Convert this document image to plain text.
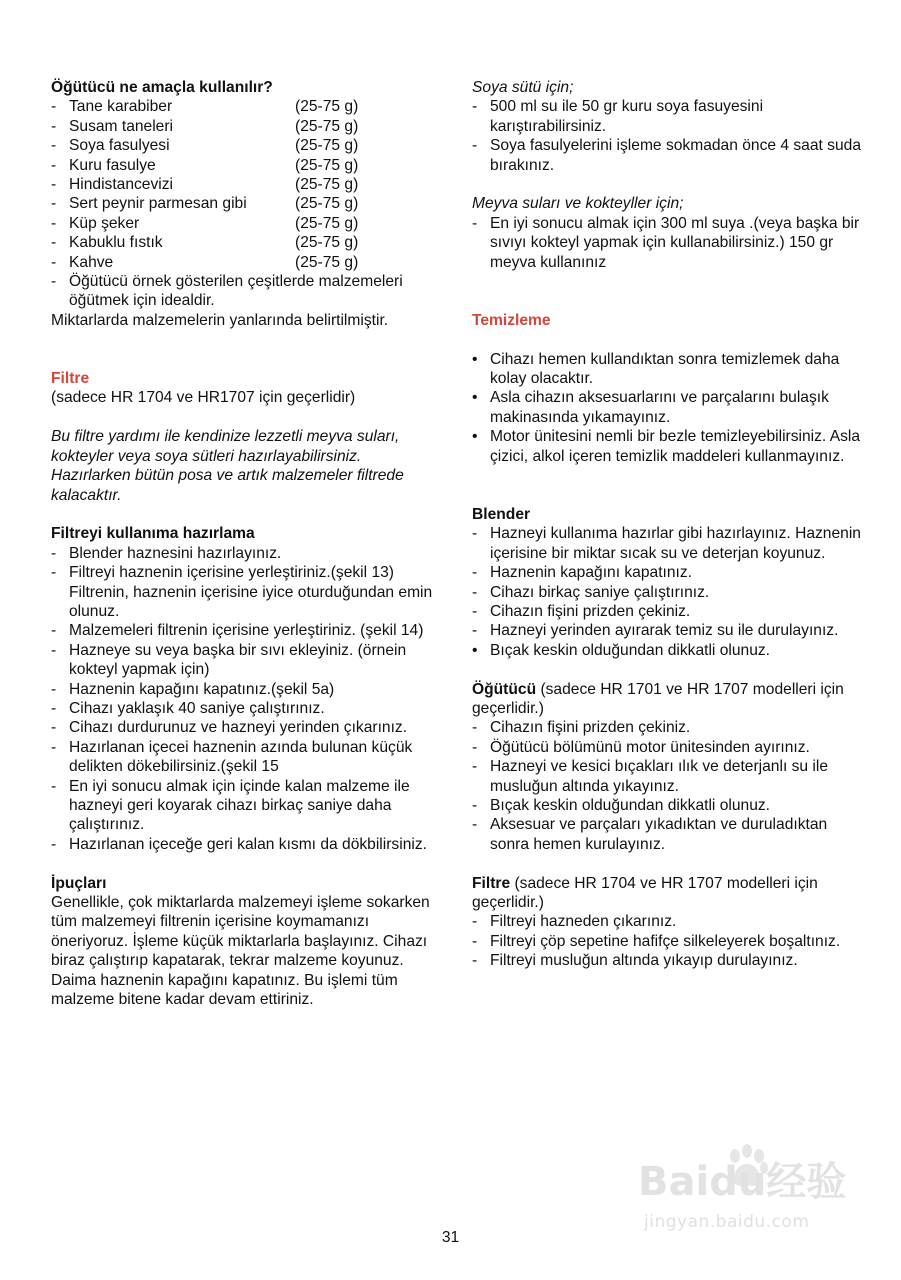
Öğütücü ne amaçla kullanılır?

- Tane karabiber	(25-75 g)
- Susam taneleri	(25-75 g)
- Soya fasulyesi	(25-75 g)
- Kuru fasulye	(25-75 g)
- Hindistancevizi	(25-75 g)
- Sert peynir parmesan gibi	(25-75 g)
- Küp şeker	(25-75 g)
- Kabuklu fıstık	(25-75 g)
- Kahve	(25-75 g)
- Öğütücü örnek gösterilen çeşitlerde malzemeleri öğütmek için idealdir.

Miktarlarda malzemelerin yanlarında belirtilmiştir.

Filtre

(sadece HR 1704 ve HR1707 için geçerlidir)

Bu filtre yardımı ile kendinize lezzetli meyva suları, kokteyler veya soya sütleri hazırlayabilirsiniz. Hazırlarken bütün posa ve artık malzemeler filtrede kalacaktır.

Filtreyi kullanıma hazırlama

- Blender haznesini hazırlayınız.
- Filtreyi haznenin içerisine yerleştiriniz.(şekil 13) Filtrenin, haznenin içerisine iyice oturduğundan emin olunuz.
- Malzemeleri filtrenin içerisine yerleştiriniz. (şekil 14)
- Hazneye su veya başka bir sıvı ekleyiniz. (örnein kokteyl yapmak için)
- Haznenin kapağını kapatınız.(şekil 5a)
- Cihazı yaklaşık 40 saniye çalıştırınız.
- Cihazı durdurunuz ve hazneyi yerinden çıkarınız.
- Hazırlanan içecei haznenin azında bulunan küçük delikten dökebilirsiniz.(şekil 15
- En iyi sonucu almak için içinde kalan malzeme ile hazneyi geri koyarak cihazı birkaç saniye daha çalıştırınız.
- Hazırlanan içeceğe geri kalan kısmı da dökbilirsiniz.

İpuçları

Genellikle, çok miktarlarda malzemeyi işleme sokarken tüm malzemeyi filtrenin içerisine koymamanızı öneriyoruz. İşleme küçük miktarlarla başlayınız. Cihazı biraz çalıştırıp kapatarak, tekrar malzeme koyunuz. Daima haznenin kapağını kapatınız. Bu işlemi tüm malzeme bitene kadar devam ettiriniz.

Soya sütü için;

- 500 ml su ile 50 gr kuru soya fasuyesini karıştırabilirsiniz.
- Soya fasulyelerini işleme sokmadan önce 4 saat suda bırakınız.

Meyva suları ve kokteyller için;

- En iyi sonucu almak için 300 ml suya .(veya başka bir sıvıyı kokteyl yapmak için kullanabilirsiniz.) 150 gr meyva kullanınız

Temizleme

• Cihazı hemen kullandıktan sonra temizlemek daha kolay olacaktır.
• Asla cihazın aksesuarlarını ve parçalarını bulaşık makinasında yıkamayınız.
• Motor ünitesini nemli bir bezle temizleyebilirsiniz. Asla çizici, alkol içeren temizlik maddeleri kullanmayınız.

Blender

- Hazneyi kullanıma hazırlar gibi hazırlayınız. Haznenin içerisine bir miktar sıcak su ve deterjan koyunuz.
- Haznenin kapağını kapatınız.
- Cihazı birkaç saniye çalıştırınız.
- Cihazın fişini prizden çekiniz.
- Hazneyi yerinden ayırarak temiz su ile durulayınız.
• Bıçak keskin olduğundan dikkatli olunuz.

Öğütücü (sadece HR 1701 ve HR 1707 modelleri için geçerlidir.)

- Cihazın fişini prizden çekiniz.
- Öğütücü bölümünü motor ünitesinden ayırınız.
- Hazneyi ve kesici bıçakları ılık ve deterjanlı su ile musluğun altında yıkayınız.
- Bıçak keskin olduğundan dikkatli olunuz.
- Aksesuar ve parçaları yıkadıktan ve duruladıktan sonra hemen kurulayınız.

Filtre (sadece HR 1704 ve HR 1707 modelleri için geçerlidir.)

- Filtreyi hazneden çıkarınız.
- Filtreyi çöp sepetine hafifçe silkeleyerek boşaltınız.
- Filtreyi musluğun altında yıkayıp durulayınız.
Baidu经验
jingyan.baidu.com
31
